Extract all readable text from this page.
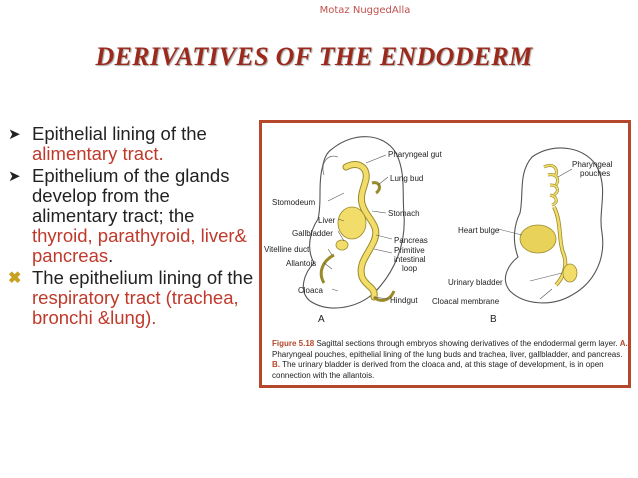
Motaz NuggedAlla
DERIVATIVES OF THE ENDODERM
➤ Epithelial lining of the alimentary tract.
➤ Epithelium of the glands develop from the alimentary tract; the thyroid, parathyroid, liver& pancreas.
✖ The epithelium lining of the respiratory tract (trachea, bronchi &lung).
Pharyngeal gut
Lung bud
Stomodeum
Stomach
Liver
Gallbladder
Pancreas
Vitelline duct
Allantois
Primitive
intestinal
loop
Cloaca
Hindgut
Pharyngeal
pouches
Heart bulge
Urinary bladder
Cloacal membrane
A	B
Figure 5.18 Sagittal sections through embryos showing derivatives of the endodermal germ layer. A. Pharyngeal pouches, epithelial lining of the lung buds and trachea, liver, gallbladder, and pancreas. B. The urinary bladder is derived from the cloaca and, at this stage of development, is in open connection with the allantois.
